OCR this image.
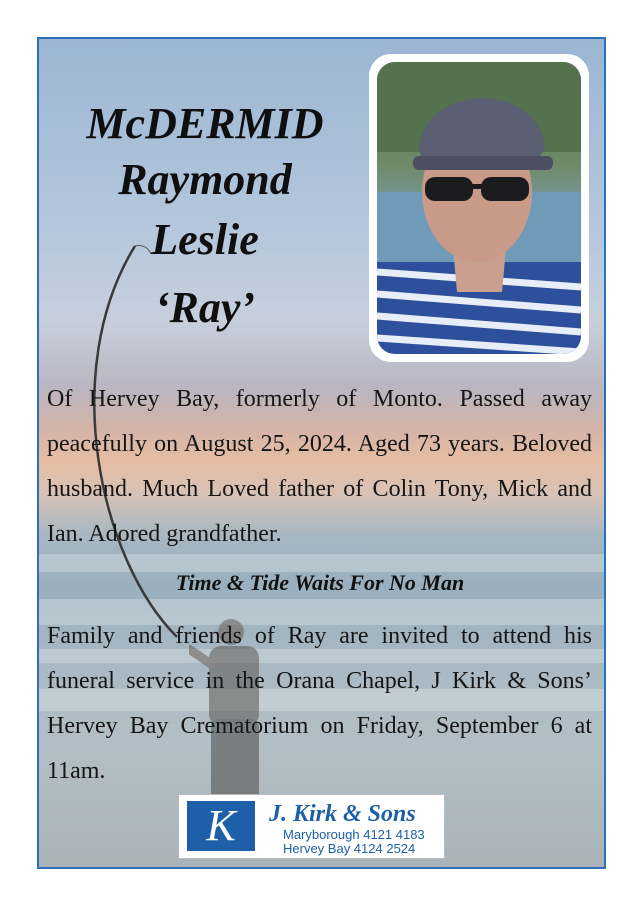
McDERMID
Raymond
Leslie
‘Ray’
Of Hervey Bay, formerly of Monto. Passed away peacefully on August 25, 2024. Aged 73 years. Beloved husband. Much Loved father of Colin Tony, Mick and Ian. Adored grandfather.
Time & Tide Waits For No Man
Family and friends of Ray are invited to attend his funeral service in the Orana Chapel, J Kirk & Sons’ Hervey Bay Crematorium on Friday, September 6 at 11am.
K	J. Kirk & Sons
Maryborough 4121 4183
Hervey Bay 4124 2524
